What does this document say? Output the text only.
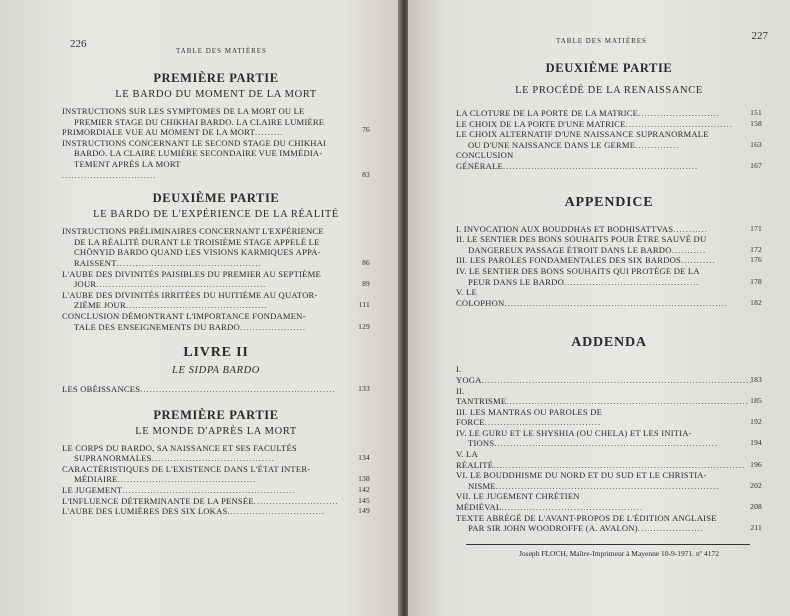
226
TABLE DES MATIÈRES
PREMIÈRE PARTIE
LE BARDO DU MOMENT DE LA MORT
INSTRUCTIONS SUR LES SYMPTOMES DE LA MORT OU LE
PREMIER STAGE DU CHIKHAI BARDO. LA CLAIRE LUMIÈRE
PRIMORDIALE VUE AU MOMENT DE LA MORT.........	76
INSTRUCTIONS CONCERNANT LE SECOND STAGE DU CHIKHAI
BARDO. LA CLAIRE LUMIÈRE SECONDAIRE VUE IMMÉDIA-
TEMENT APRÈS LA MORT
..............................	83
DEUXIÈME PARTIE
LE BARDO DE L'EXPÉRIENCE DE LA RÉALITÉ
INSTRUCTIONS PRÉLIMINAIRES CONCERNANT L'EXPÉRIENCE
DE LA RÉALITÉ DURANT LE TROISIÈME STAGE APPELÉ LE
CHÖNYID BARDO QUAND LES VISIONS KARMIQUES APPA-
RAISSENT..............................................	86
L'AUBE DES DIVINITÉS PAISIBLES DU PREMIER AU SEPTIÈME
JOUR......................................................	89
L'AUBE DES DIVINITÉS IRRITÉES DU HUITIÈME AU QUATOR-
ZIÈME JOUR.............................................	111
CONCLUSION DÉMONTRANT L'IMPORTANCE FONDAMEN-
TALE DES ENSEIGNEMENTS DU BARDO.....................	129
LIVRE II
LE SIDPA BARDO
LES OBÉISSANCES..............................................................	133
PREMIÈRE PARTIE
LE MONDE D'APRÈS LA MORT
LE CORPS DU BARDO, SA NAISSANCE ET SES FACULTÉS
SUPRANORMALES.......................................	134
CARACTÉRISTIQUES DE L'EXISTENCE DANS L'ÉTAT INTER-
MÉDIAIRE............................................	138
LE JUGEMENT.......................................................	142
L'INFLUENCE DÉTERMINANTE DE LA PENSÉE...........................	145
L'AUBE DES LUMIÈRES DES SIX LOKAS...............................	149
TABLE DES MATIÈRES	227
DEUXIÈME PARTIE
LE PROCÉDÉ DE LA RENAISSANCE
LA CLOTURE DE LA PORTE DE LA MATRICE..........................	151
LE CHOIX DE LA PORTE D'UNE MATRICE.................................. 158
LE CHOIX ALTERNATIF D'UNE NAISSANCE SUPRANORMALE
OU D'UNE NAISSANCE DANS LE GERME..............	163
CONCLUSION GÉNÉRALE..............................................................	167
APPENDICE
I. INVOCATION AUX BOUDDHAS ET BODHISATTVAS...........	171
II. LE SENTIER DES BONS SOUHAITS POUR ÊTRE SAUVÉ DU
DANGEREUX PASSAGE ÉTROIT DANS LE BARDO...........	172
III. LES PAROLES FONDAMENTALES DES SIX BARDOS...........	176
IV. LE SENTIER DES BONS SOUHAITS QUI PROTÈGE DE LA
PEUR DANS LE BARDO...........................................	178
V. LE COLOPHON.......................................................................	182
ADDENDA
I. YOGA......................................................................................
183
II. TANTRISME............................................................................. 185
III. LES MANTRAS OU PAROLES DE FORCE.....................................	192
IV. LE GURU ET LE SHYSHIA (OU CHELA) ET LES INITIA-
TIONS.......................................................................	194
V. LA RÉALITÉ................................................................................ 196
VI. LE BOUDDHISME DU NORD ET DU SUD ET LE CHRISTIA-
NISME.......................................................................	202
VII. LE JUGEMENT CHRÉTIEN MÉDIÉVAL.............................................	208
TEXTE ABRÉGÉ DE L'AVANT-PROPOS DE L'ÉDITION ANGLAISE
PAR SIR JOHN WOODROFFE (A. AVALON).....................	211
Joseph FLOCH, Maître-Imprimeur à Mayenne 10-9-1971. nº 4172
